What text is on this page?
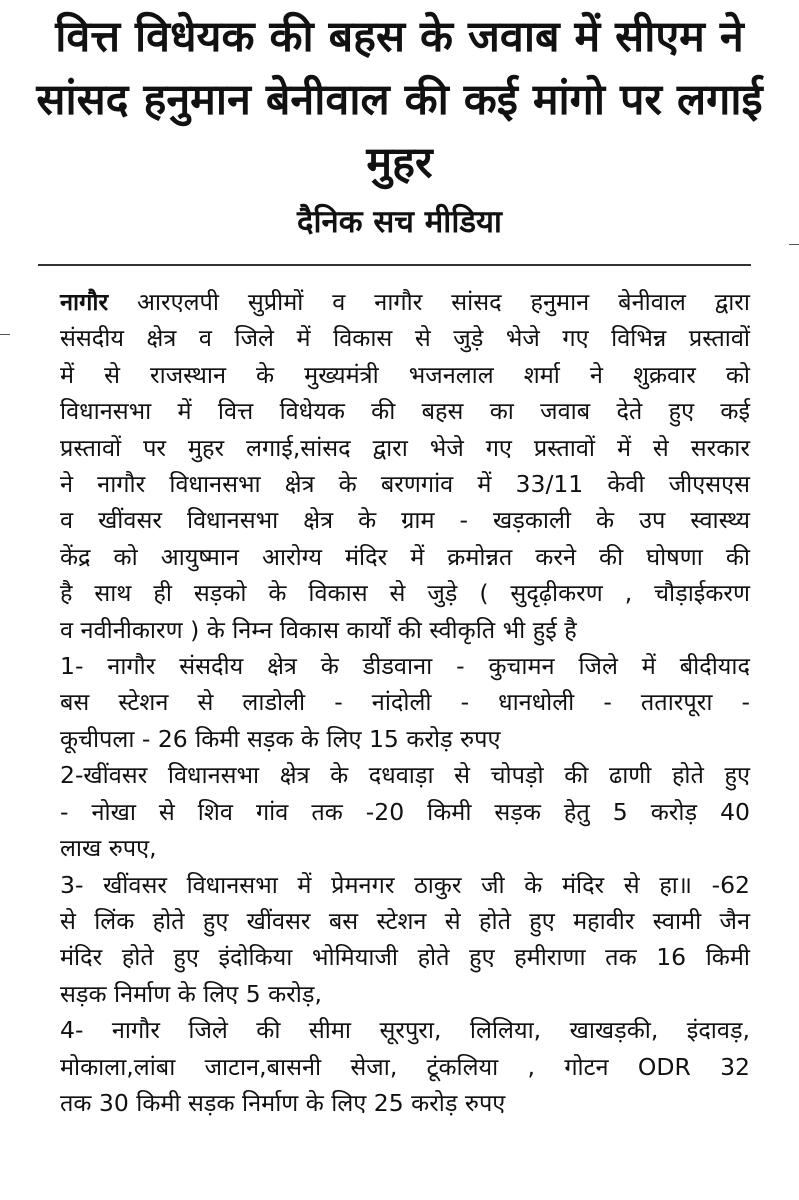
वित्त विधेयक की बहस के जवाब में सीएम ने सांसद हनुमान बेनीवाल की कई मांगो पर लगाई मुहर
दैनिक सच मीडिया

नागौर आरएलपी सुप्रीमों व नागौर सांसद हनुमान बेनीवाल द्वारा

संसदीय क्षेत्र व जिले में विकास से जुड़े भेजे गए विभिन्न प्रस्तावों

में से राजस्थान के मुख्यमंत्री भजनलाल शर्मा ने शुक्रवार को

विधानसभा में वित्त विधेयक की बहस का जवाब देते हुए कई

प्रस्तावों पर मुहर लगाई,सांसद द्वारा भेजे गए प्रस्तावों में से सरकार

ने नागौर विधानसभा क्षेत्र के बरणगांव में 33/11 केवी जीएसएस

व खींवसर विधानसभा क्षेत्र के ग्राम - खड़काली के उप स्वास्थ्य

केंद्र को आयुष्मान आरोग्य मंदिर में क्रमोन्नत करने की घोषणा की

है साथ ही सड़को के विकास से जुड़े ( सुदृढ़ीकरण , चौड़ाईकरण

व नवीनीकारण ) के निम्न विकास कार्यों की स्वीकृति भी हुई है

1- नागौर संसदीय क्षेत्र के डीडवाना - कुचामन जिले में बीदीयाद

बस स्टेशन से लाडोली - नांदोली - धानधोली - ततारपूरा -

कूचीपला - 26 किमी सड़क के लिए 15 करोड़ रुपए

2-खींवसर विधानसभा क्षेत्र के दधवाड़ा से चोपड़ो की ढाणी होते हुए

- नोखा से शिव गांव तक -20 किमी सड़क हेतु 5 करोड़ 40

लाख रुपए,

3- खींवसर विधानसभा में प्रेमनगर ठाकुर जी के मंदिर से हा॥ -62

से लिंक होते हुए खींवसर बस स्टेशन से होते हुए महावीर स्वामी जैन

मंदिर होते हुए इंदोकिया भोमियाजी होते हुए हमीराणा तक 16 किमी

सड़क निर्माण के लिए 5 करोड़,

4- नागौर जिले की सीमा सूरपुरा, लिलिया, खाखड़की, इंदावड़,

मोकाला,लांबा जाटान,बासनी सेजा, टूंकलिया , गोटन ODR 32

तक 30 किमी सड़क निर्माण के लिए 25 करोड़ रुपए
